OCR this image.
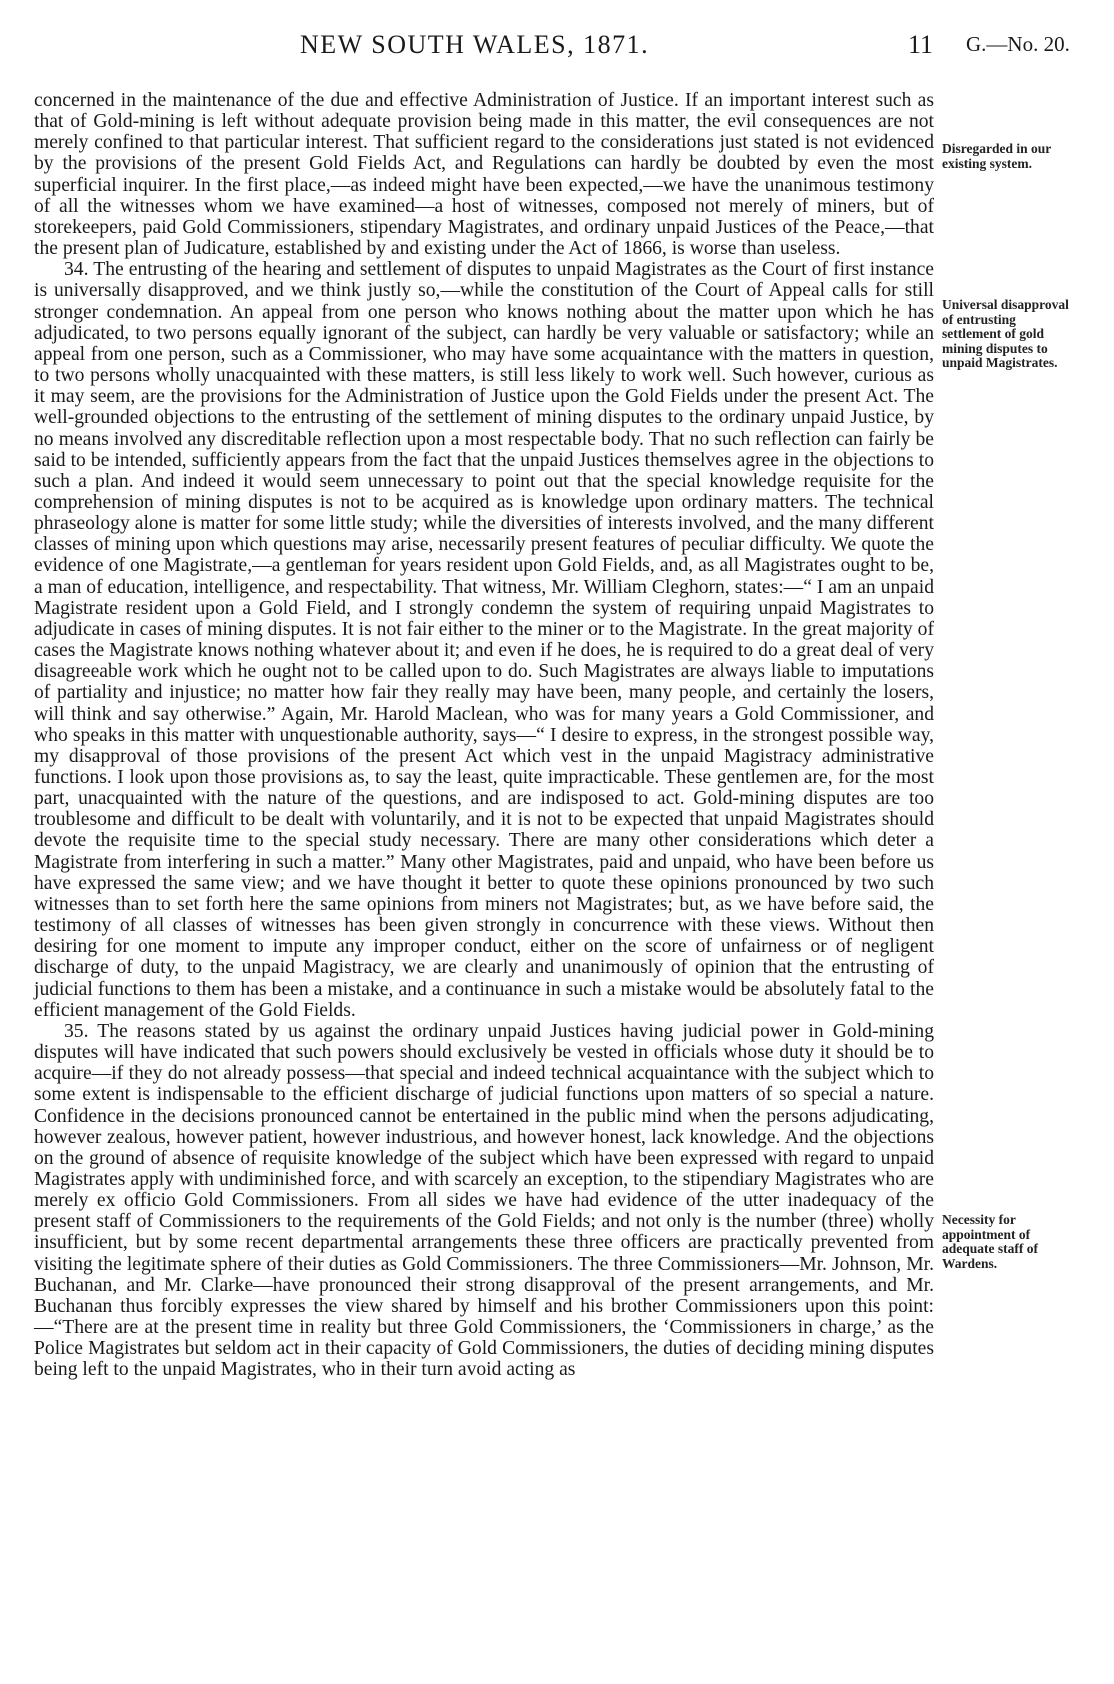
NEW SOUTH WALES, 1871.	11 G.—No. 20.

concerned in the maintenance of the due and effective Administration of Justice. If an important interest such as that of Gold-mining is left without adequate provision being made in this matter, the evil consequences are not merely confined to that particular interest. That sufficient regard to the considerations just stated is not evidenced by the provisions of the present Gold Fields Act, and Regulations can hardly be doubted by even the most superficial inquirer. In the first place,—as indeed might have been expected,—we have the unanimous testimony of all the witnesses whom we have examined—a host of witnesses, composed not merely of miners, but of storekeepers, paid Gold Commissioners, stipendary Magistrates, and ordinary unpaid Justices of the Peace,—that the present plan of Judicature, established by and existing under the Act of 1866, is worse than useless.

34. The entrusting of the hearing and settlement of disputes to unpaid Magistrates as the Court of first instance is universally disapproved, and we think justly so,—while the constitution of the Court of Appeal calls for still stronger condemnation. An appeal from one person who knows nothing about the matter upon which he has adjudicated, to two persons equally ignorant of the subject, can hardly be very valuable or satisfactory; while an appeal from one person, such as a Commissioner, who may have some acquaintance with the matters in question, to two persons wholly unacquainted with these matters, is still less likely to work well. Such however, curious as it may seem, are the provisions for the Administration of Justice upon the Gold Fields under the present Act. The well-grounded objections to the entrusting of the settlement of mining disputes to the ordinary unpaid Justice, by no means involved any discreditable reflection upon a most respectable body. That no such reflection can fairly be said to be intended, sufficiently appears from the fact that the unpaid Justices themselves agree in the objections to such a plan. And indeed it would seem unnecessary to point out that the special knowledge requisite for the comprehension of mining disputes is not to be acquired as is knowledge upon ordinary matters. The technical phraseology alone is matter for some little study; while the diversities of interests involved, and the many different classes of mining upon which questions may arise, necessarily present features of peculiar difficulty. We quote the evidence of one Magistrate,—a gentleman for years resident upon Gold Fields, and, as all Magistrates ought to be, a man of education, intelligence, and respectability. That witness, Mr. William Cleghorn, states:—“ I am an unpaid Magistrate resident upon a Gold Field, and I strongly condemn the system of requiring unpaid Magistrates to adjudicate in cases of mining disputes. It is not fair either to the miner or to the Magistrate. In the great majority of cases the Magistrate knows nothing whatever about it; and even if he does, he is required to do a great deal of very disagreeable work which he ought not to be called upon to do. Such Magistrates are always liable to imputations of partiality and injustice; no matter how fair they really may have been, many people, and certainly the losers, will think and say otherwise.” Again, Mr. Harold Maclean, who was for many years a Gold Commissioner, and who speaks in this matter with unquestionable authority, says—“ I desire to express, in the strongest possible way, my disapproval of those provisions of the present Act which vest in the unpaid Magistracy administrative functions. I look upon those provisions as, to say the least, quite impracticable. These gentlemen are, for the most part, unacquainted with the nature of the questions, and are indisposed to act. Gold-mining disputes are too troublesome and difficult to be dealt with voluntarily, and it is not to be expected that unpaid Magistrates should devote the requisite time to the special study necessary. There are many other considerations which deter a Magistrate from interfering in such a matter.” Many other Magistrates, paid and unpaid, who have been before us have expressed the same view; and we have thought it better to quote these opinions pronounced by two such witnesses than to set forth here the same opinions from miners not Magistrates; but, as we have before said, the testimony of all classes of witnesses has been given strongly in concurrence with these views. Without then desiring for one moment to impute any improper conduct, either on the score of unfairness or of negligent discharge of duty, to the unpaid Magistracy, we are clearly and unanimously of opinion that the entrusting of judicial functions to them has been a mistake, and a continuance in such a mistake would be absolutely fatal to the efficient management of the Gold Fields.

35. The reasons stated by us against the ordinary unpaid Justices having judicial power in Gold-mining disputes will have indicated that such powers should exclusively be vested in officials whose duty it should be to acquire—if they do not already possess—that special and indeed technical acquaintance with the subject which to some extent is indispensable to the efficient discharge of judicial functions upon matters of so special a nature. Confidence in the decisions pronounced cannot be entertained in the public mind when the persons adjudicating, however zealous, however patient, however industrious, and however honest, lack knowledge. And the objections on the ground of absence of requisite knowledge of the subject which have been expressed with regard to unpaid Magistrates apply with undiminished force, and with scarcely an exception, to the stipendiary Magistrates who are merely ex officio Gold Commissioners. From all sides we have had evidence of the utter inadequacy of the present staff of Commissioners to the requirements of the Gold Fields; and not only is the number (three) wholly insufficient, but by some recent departmental arrangements these three officers are practically prevented from visiting the legitimate sphere of their duties as Gold Commissioners. The three Commissioners—Mr. Johnson, Mr. Buchanan, and Mr. Clarke—have pronounced their strong disapproval of the present arrangements, and Mr. Buchanan thus forcibly expresses the view shared by himself and his brother Commissioners upon this point:—“There are at the present time in reality but three Gold Commissioners, the ‘Commissioners in charge,’ as the Police Magistrates but seldom act in their capacity of Gold Commissioners, the duties of deciding mining disputes being left to the unpaid Magistrates, who in their turn avoid acting as

Disregarded in our existing system.
Universal disapproval of entrusting settlement of gold mining disputes to unpaid Magistrates.
Necessity for appointment of adequate staff of Wardens.
